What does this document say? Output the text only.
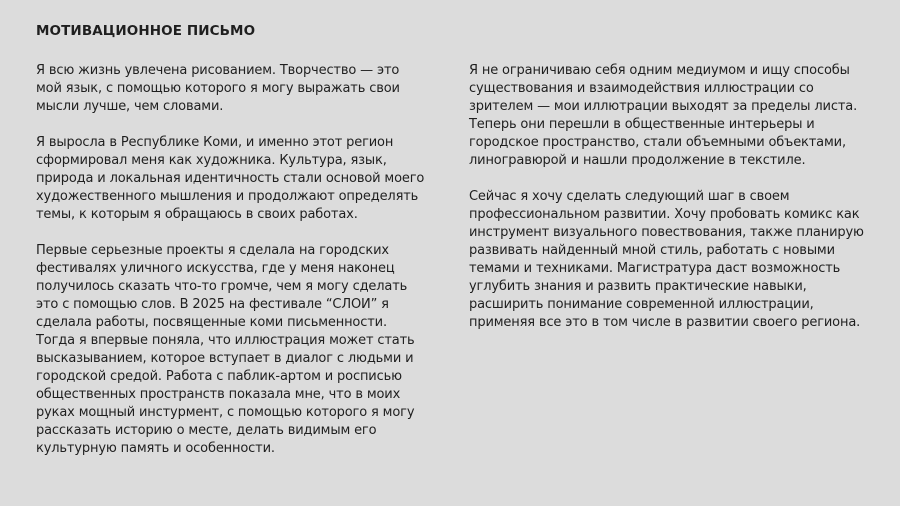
МОТИВАЦИОННОЕ ПИСЬМО

Я всю жизнь увлечена рисованием. Творчество — это мой язык, с помощью которого я могу выражать свои мысли лучше, чем словами.

Я выросла в Республике Коми, и именно этот регион сформировал меня как художника. Культура, язык, природа и локальная идентичность стали основой моего художественного мышления и продолжают определять темы, к которым я обращаюсь в своих работах.

Первые серьезные проекты я сделала на городских фестивалях уличного искусства, где у меня наконец получилось сказать что-то громче, чем я могу сделать это с помощью слов. В 2025 на фестивале “СЛОИ” я сделала работы, посвященные коми письменности. Тогда я впервые поняла, что иллюстрация может стать высказыванием, которое вступает в диалог с людьми и городской средой. Работа с паблик-артом и росписью общественных пространств показала мне, что в моих руках мощный инстурмент, с помощью которого я могу рассказать историю о месте, делать видимым его культурную память и особенности.

Я не ограничиваю себя одним медиумом и ищу способы существования и взаимодействия иллюстрации со зрителем — мои иллютрации выходят за пределы листа. Теперь они перешли в общественные интерьеры и городское пространство, стали объемными объектами, линогравюрой и нашли продолжение в текстиле.

Сейчас я хочу сделать следующий шаг в своем профессиональном развитии. Хочу пробовать комикс как инструмент визуального повествования, также планирую развивать найденный мной стиль, работать с новыми темами и техниками. Магистратура даст возможность углубить знания и развить практические навыки, расширить понимание современной иллюстрации, применяя все это в том числе в развитии своего региона.
